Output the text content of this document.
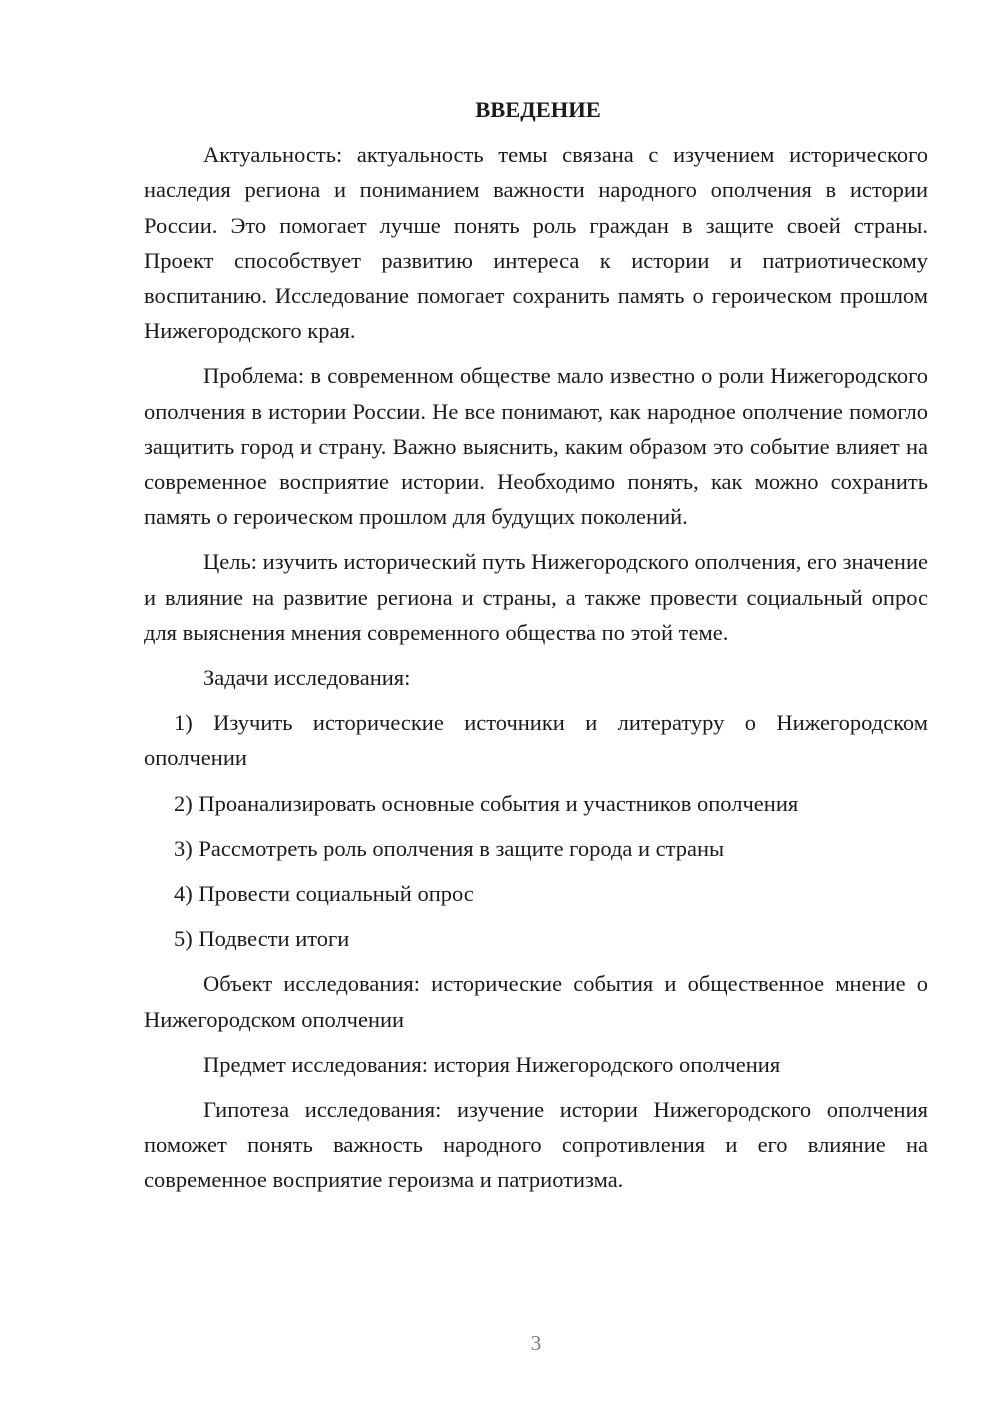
ВВЕДЕНИЕ

Актуальность: актуальность темы связана с изучением исторического наследия региона и пониманием важности народного ополчения в истории России. Это помогает лучше понять роль граждан в защите своей страны. Проект способствует развитию интереса к истории и патриотическому воспитанию. Исследование помогает сохранить память о героическом прошлом Нижегородского края.

Проблема: в современном обществе мало известно о роли Нижегородского ополчения в истории России. Не все понимают, как народное ополчение помогло защитить город и страну. Важно выяснить, каким образом это событие влияет на современное восприятие истории. Необходимо понять, как можно сохранить память о героическом прошлом для будущих поколений.

Цель: изучить исторический путь Нижегородского ополчения, его значение и влияние на развитие региона и страны, а также провести социальный опрос для выяснения мнения современного общества по этой теме.

Задачи исследования:

1) Изучить исторические источники и литературу о Нижегородском ополчении

2) Проанализировать основные события и участников ополчения

3) Рассмотреть роль ополчения в защите города и страны

4) Провести социальный опрос

5) Подвести итоги

Объект исследования: исторические события и общественное мнение о Нижегородском ополчении

Предмет исследования: история Нижегородского ополчения

Гипотеза исследования: изучение истории Нижегородского ополчения поможет понять важность народного сопротивления и его влияние на современное восприятие героизма и патриотизма.

3
